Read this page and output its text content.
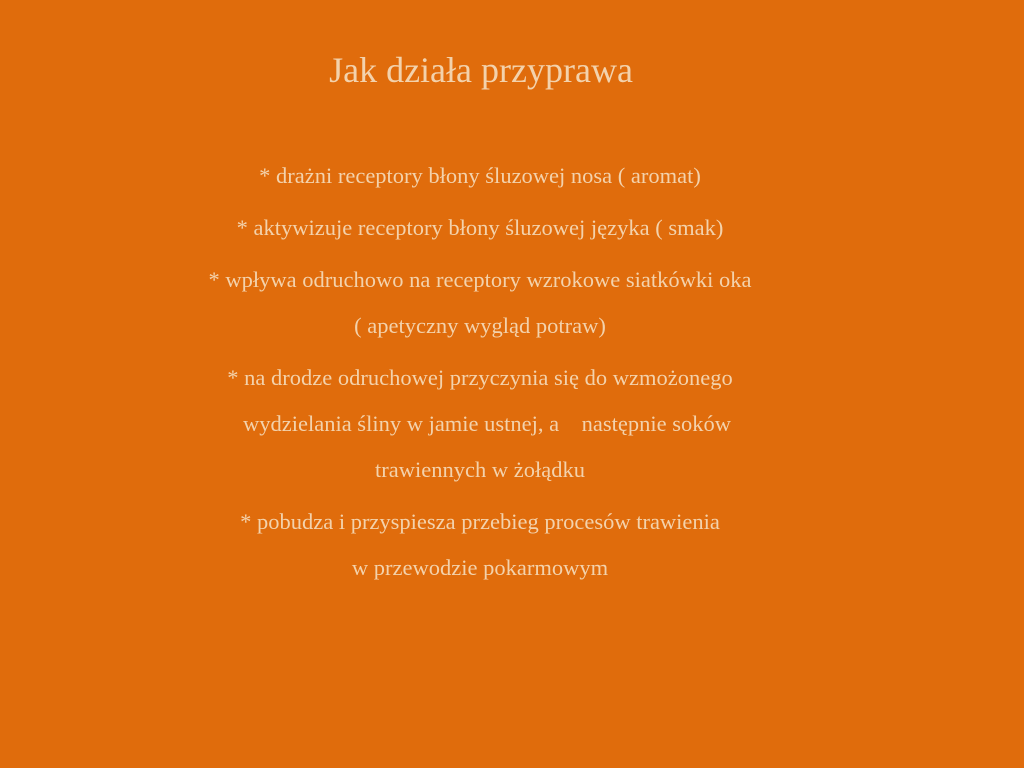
Jak działa przyprawa
* drażni receptory błony śluzowej nosa ( aromat)
* aktywizuje receptory błony śluzowej języka ( smak)
* wpływa odruchowo na receptory wzrokowe siatkówki oka
( apetyczny wygląd potraw)
* na drodze odruchowej przyczynia się do wzmożonego
wydzielania śliny w jamie ustnej, a    następnie soków
trawiennych w żołądku
* pobudza i przyspiesza przebieg procesów trawienia
w przewodzie pokarmowym
